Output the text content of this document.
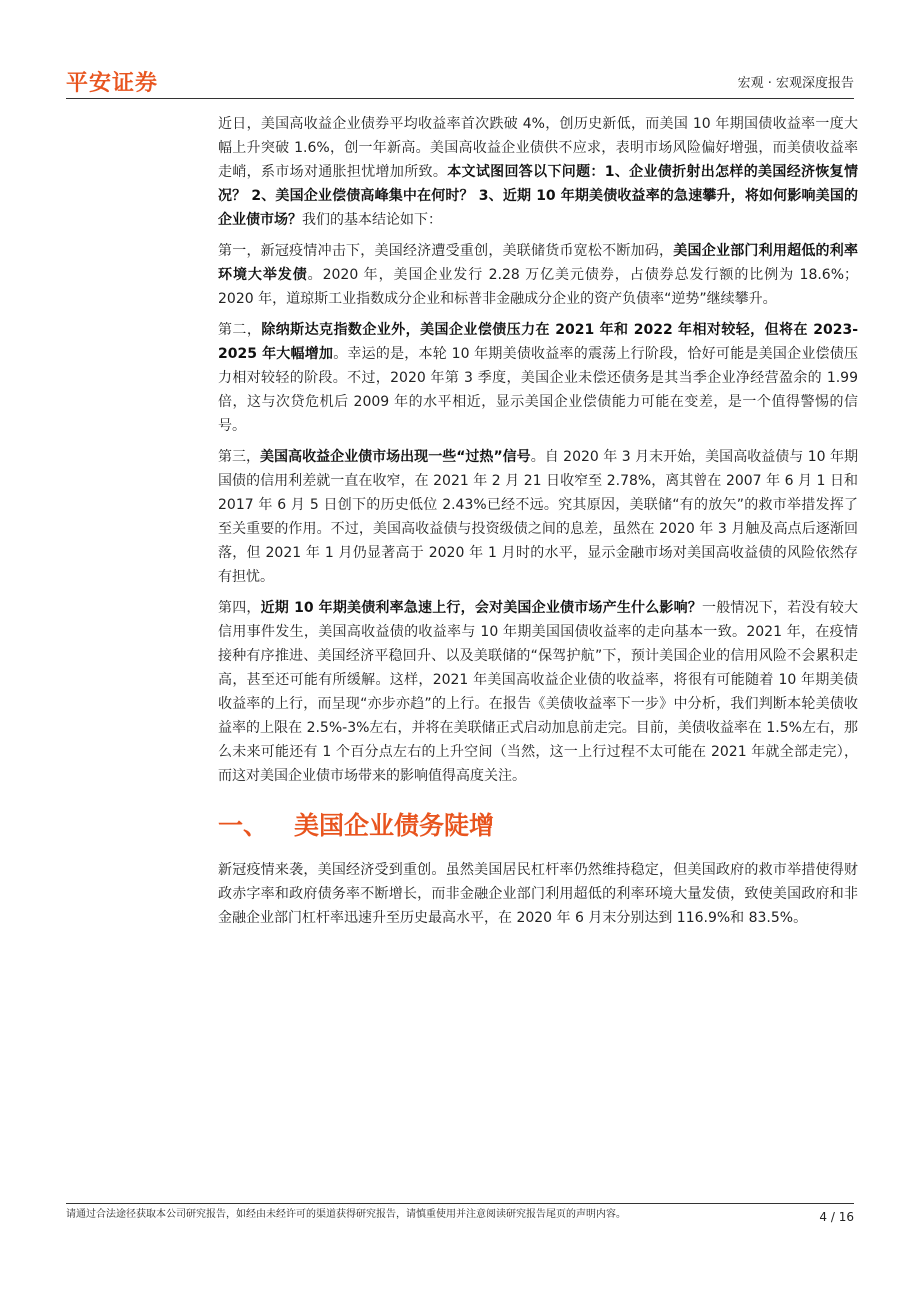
平安证券	宏观 · 宏观深度报告

近日，美国高收益企业债券平均收益率首次跌破 4%，创历史新低，而美国 10 年期国债收益率一度大幅上升突破 1.6%，创一年新高。美国高收益企业债供不应求，表明市场风险偏好增强，而美债收益率走峭，系市场对通胀担忧增加所致。本文试图回答以下问题：1、企业债折射出怎样的美国经济恢复情况？ 2、美国企业偿债高峰集中在何时？ 3、近期 10 年期美债收益率的急速攀升，将如何影响美国的企业债市场？我们的基本结论如下：

第一，新冠疫情冲击下，美国经济遭受重创，美联储货币宽松不断加码，美国企业部门利用超低的利率环境大举发债。2020 年，美国企业发行 2.28 万亿美元债券，占债券总发行额的比例为 18.6%；2020 年，道琼斯工业指数成分企业和标普非金融成分企业的资产负债率“逆势”继续攀升。

第二，除纳斯达克指数企业外，美国企业偿债压力在 2021 年和 2022 年相对较轻，但将在 2023-2025 年大幅增加。幸运的是，本轮 10 年期美债收益率的震荡上行阶段，恰好可能是美国企业偿债压力相对较轻的阶段。不过，2020 年第 3 季度，美国企业未偿还债务是其当季企业净经营盈余的 1.99 倍，这与次贷危机后 2009 年的水平相近，显示美国企业偿债能力可能在变差，是一个值得警惕的信号。

第三，美国高收益企业债市场出现一些“过热”信号。自 2020 年 3 月末开始，美国高收益债与 10 年期国债的信用利差就一直在收窄，在 2021 年 2 月 21 日收窄至 2.78%，离其曾在 2007 年 6 月 1 日和 2017 年 6 月 5 日创下的历史低位 2.43%已经不远。究其原因，美联储“有的放矢”的救市举措发挥了至关重要的作用。不过，美国高收益债与投资级债之间的息差，虽然在 2020 年 3 月触及高点后逐渐回落，但 2021 年 1 月仍显著高于 2020 年 1 月时的水平，显示金融市场对美国高收益债的风险依然存有担忧。

第四，近期 10 年期美债利率急速上行，会对美国企业债市场产生什么影响？一般情况下，若没有较大信用事件发生，美国高收益债的收益率与 10 年期美国国债收益率的走向基本一致。2021 年，在疫情接种有序推进、美国经济平稳回升、以及美联储的“保驾护航”下，预计美国企业的信用风险不会累积走高，甚至还可能有所缓解。这样，2021 年美国高收益企业债的收益率，将很有可能随着 10 年期美债收益率的上行，而呈现“亦步亦趋”的上行。在报告《美债收益率下一步》中分析，我们判断本轮美债收益率的上限在 2.5%-3%左右，并将在美联储正式启动加息前走完。目前，美债收益率在 1.5%左右，那么未来可能还有 1 个百分点左右的上升空间（当然，这一上行过程不太可能在 2021 年就全部走完），而这对美国企业债市场带来的影响值得高度关注。

一、 美国企业债务陡增

新冠疫情来袭，美国经济受到重创。虽然美国居民杠杆率仍然维持稳定，但美国政府的救市举措使得财政赤字率和政府债务率不断增长，而非金融企业部门利用超低的利率环境大量发债，致使美国政府和非金融企业部门杠杆率迅速升至历史最高水平，在 2020 年 6 月末分别达到 116.9%和 83.5%。

请通过合法途径获取本公司研究报告，如经由未经许可的渠道获得研究报告，请慎重使用并注意阅读研究报告尾页的声明内容。	4 / 16
